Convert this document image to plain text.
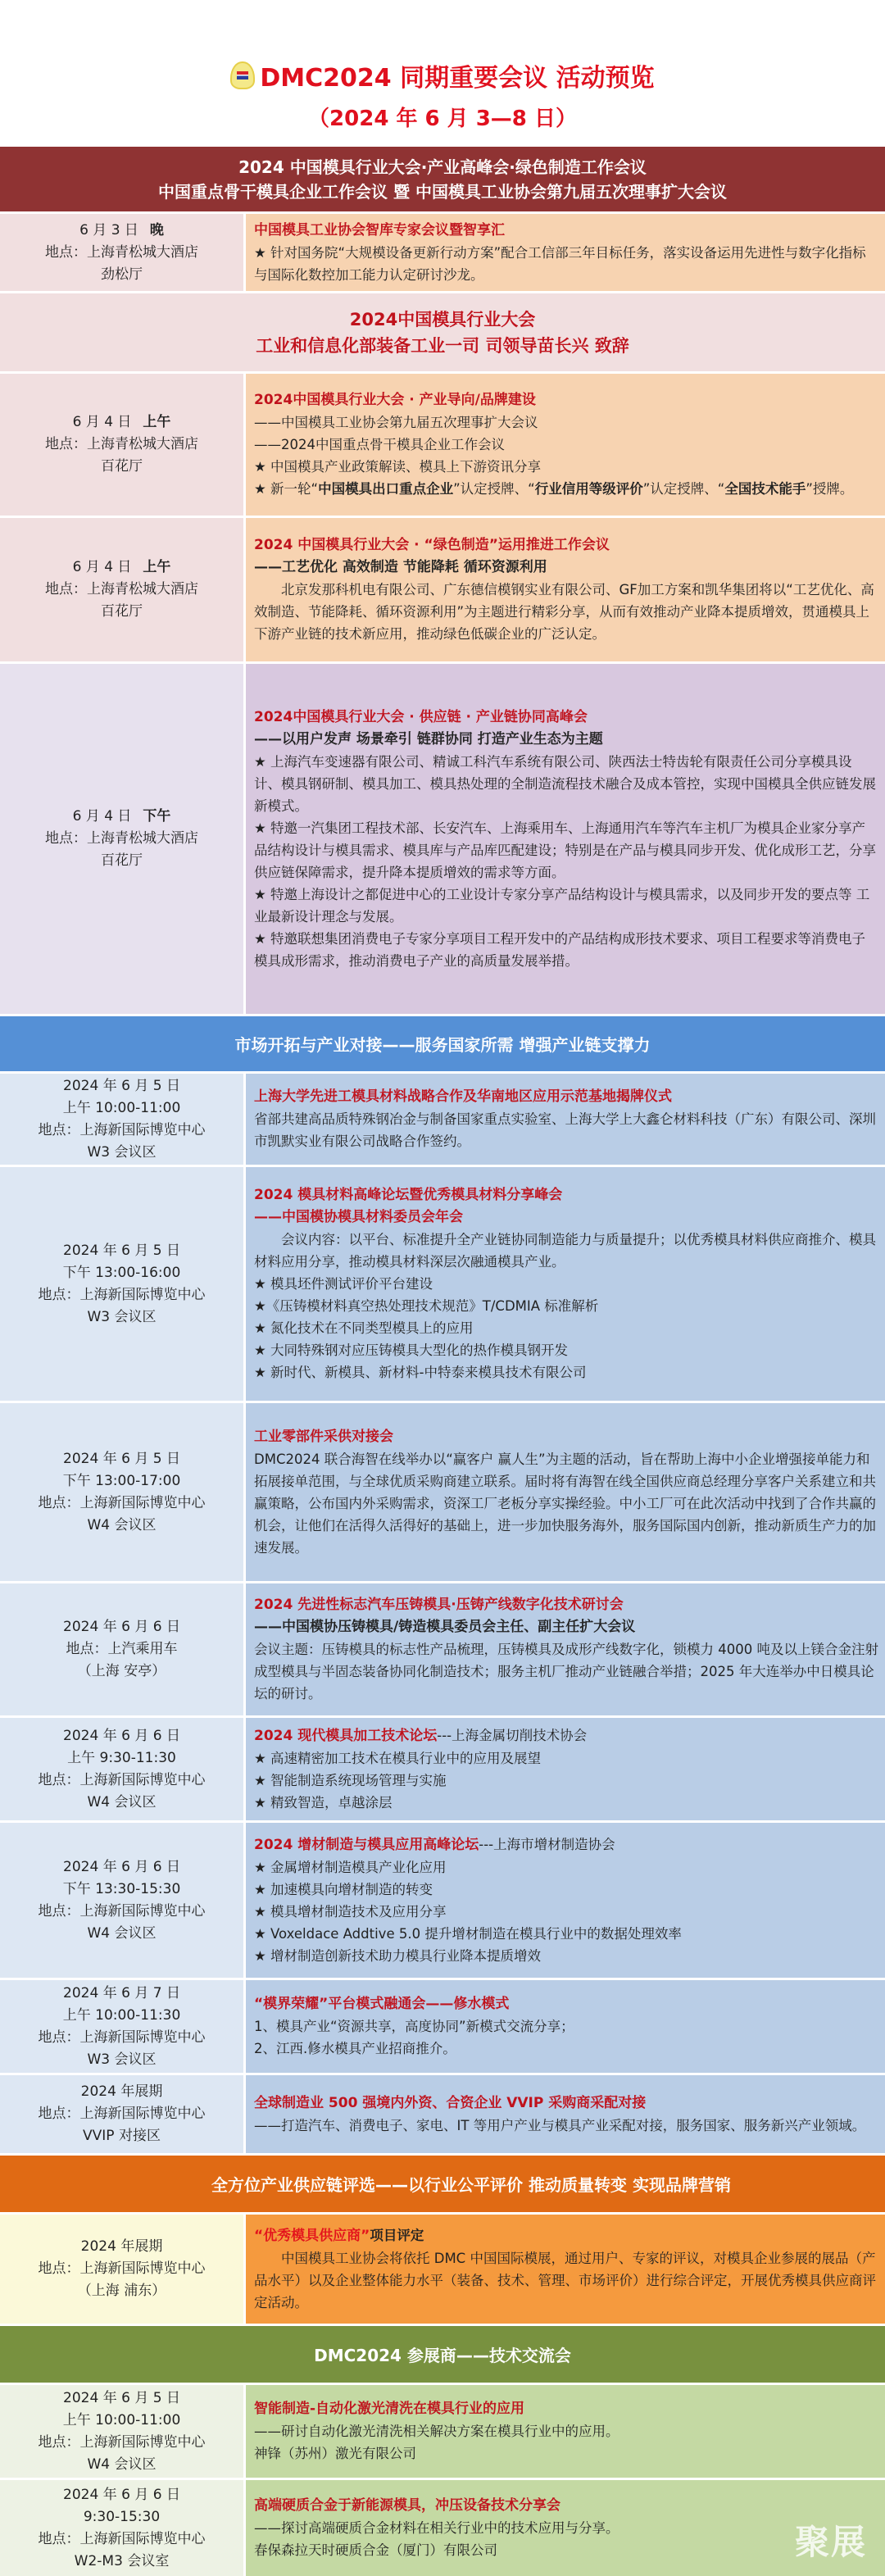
DMC2024 同期重要会议 活动预览
（2024 年 6 月 3—8 日）
2024 中国模具行业大会·产业高峰会·绿色制造工作会议
中国重点骨干模具企业工作会议 暨 中国模具工业协会第九届五次理事扩大会议
6 月 3 日 晚
地点：上海青松城大酒店
劲松厅
中国模具工业协会智库专家会议暨智享汇
★ 针对国务院“大规模设备更新行动方案”配合工信部三年目标任务，落实设备运用先进性与数字化指标与国际化数控加工能力认定研讨沙龙。
2024中国模具行业大会
工业和信息化部装备工业一司 司领导苗长兴 致辞
6 月 4 日 上午
地点：上海青松城大酒店
百花厅
2024中国模具行业大会 · 产业导向/品牌建设
——中国模具工业协会第九届五次理事扩大会议
——2024中国重点骨干模具企业工作会议
★ 中国模具产业政策解读、模具上下游资讯分享
★ 新一轮“中国模具出口重点企业”认定授牌、“行业信用等级评价”认定授牌、“全国技术能手”授牌。
6 月 4 日 上午
地点：上海青松城大酒店
百花厅
2024 中国模具行业大会 · “绿色制造”运用推进工作会议
——工艺优化 高效制造 节能降耗 循环资源利用
北京发那科机电有限公司、广东德信模钢实业有限公司、GF加工方案和凯华集团将以“工艺优化、高效制造、节能降耗、循环资源利用”为主题进行精彩分享，从而有效推动产业降本提质增效，贯通模具上下游产业链的技术新应用，推动绿色低碳企业的广泛认定。
6 月 4 日 下午
地点：上海青松城大酒店
百花厅
2024中国模具行业大会 · 供应链 · 产业链协同高峰会
——以用户发声 场景牵引 链群协同 打造产业生态为主题
★ 上海汽车变速器有限公司、精诚工科汽车系统有限公司、陕西法士特齿轮有限责任公司分享模具设计、模具钢研制、模具加工、模具热处理的全制造流程技术融合及成本管控，实现中国模具全供应链发展新模式。
★ 特邀一汽集团工程技术部、长安汽车、上海乘用车、上海通用汽车等汽车主机厂为模具企业家分享产品结构设计与模具需求、模具库与产品库匹配建设；特别是在产品与模具同步开发、优化成形工艺，分享供应链保障需求，提升降本提质增效的需求等方面。
★ 特邀上海设计之都促进中心的工业设计专家分享产品结构设计与模具需求，以及同步开发的要点等 工业最新设计理念与发展。
★ 特邀联想集团消费电子专家分享项目工程开发中的产品结构成形技术要求、项目工程要求等消费电子模具成形需求，推动消费电子产业的高质量发展举措。
市场开拓与产业对接——服务国家所需 增强产业链支撑力
2024 年 6 月 5 日
上午 10:00-11:00
地点：上海新国际博览中心
W3 会议区
上海大学先进工模具材料战略合作及华南地区应用示范基地揭牌仪式
省部共建高品质特殊钢冶金与制备国家重点实验室、上海大学上大鑫仑材料科技（广东）有限公司、深圳市凯默实业有限公司战略合作签约。
2024 年 6 月 5 日
下午 13:00-16:00
地点：上海新国际博览中心
W3 会议区
2024 模具材料高峰论坛暨优秀模具材料分享峰会
——中国模协模具材料委员会年会
会议内容：以平台、标准提升全产业链协同制造能力与质量提升；以优秀模具材料供应商推介、模具材料应用分享，推动模具材料深层次融通模具产业。
★ 模具坯件测试评价平台建设
★《压铸模材料真空热处理技术规范》T/CDMIA 标准解析
★ 氮化技术在不同类型模具上的应用
★ 大同特殊钢对应压铸模具大型化的热作模具钢开发
★ 新时代、新模具、新材料-中特泰来模具技术有限公司
2024 年 6 月 5 日
下午 13:00-17:00
地点：上海新国际博览中心
W4 会议区
工业零部件采供对接会
DMC2024 联合海智在线举办以“赢客户 赢人生”为主题的活动，旨在帮助上海中小企业增强接单能力和拓展接单范围，与全球优质采购商建立联系。届时将有海智在线全国供应商总经理分享客户关系建立和共赢策略，公布国内外采购需求，资深工厂老板分享实操经验。中小工厂可在此次活动中找到了合作共赢的机会，让他们在活得久活得好的基础上，进一步加快服务海外，服务国际国内创新，推动新质生产力的加速发展。
2024 年 6 月 6 日
地点：上汽乘用车
（上海 安亭）
2024 先进性标志汽车压铸模具·压铸产线数字化技术研讨会
——中国模协压铸模具/铸造模具委员会主任、副主任扩大会议
会议主题：压铸模具的标志性产品梳理，压铸模具及成形产线数字化，锁模力 4000 吨及以上镁合金注射成型模具与半固态装备协同化制造技术；服务主机厂推动产业链融合举措；2025 年大连举办中日模具论坛的研讨。
2024 年 6 月 6 日
上午 9:30-11:30
地点：上海新国际博览中心
W4 会议区
2024 现代模具加工技术论坛---上海金属切削技术协会
★ 高速精密加工技术在模具行业中的应用及展望
★ 智能制造系统现场管理与实施
★ 精致智造，卓越涂层
2024 年 6 月 6 日
下午 13:30-15:30
地点：上海新国际博览中心
W4 会议区
2024 增材制造与模具应用高峰论坛---上海市增材制造协会
★ 金属增材制造模具产业化应用
★ 加速模具向增材制造的转变
★ 模具增材制造技术及应用分享
★ Voxeldace Addtive 5.0 提升增材制造在模具行业中的数据处理效率
★ 增材制造创新技术助力模具行业降本提质增效
2024 年 6 月 7 日
上午 10:00-11:30
地点：上海新国际博览中心
W3 会议区
“模界荣耀”平台模式融通会——修水模式
1、模具产业“资源共享，高度协同”新模式交流分享；
2、江西.修水模具产业招商推介。
2024 年展期
地点：上海新国际博览中心
VVIP 对接区
全球制造业 500 强境内外资、合资企业 VVIP 采购商采配对接
——打造汽车、消费电子、家电、IT 等用户产业与模具产业采配对接，服务国家、服务新兴产业领域。
全方位产业供应链评选——以行业公平评价 推动质量转变 实现品牌营销
2024 年展期
地点：上海新国际博览中心
（上海 浦东）
“优秀模具供应商”项目评定
中国模具工业协会将依托 DMC 中国国际模展，通过用户、专家的评议，对模具企业参展的展品（产品水平）以及企业整体能力水平（装备、技术、管理、市场评价）进行综合评定，开展优秀模具供应商评定活动。
DMC2024 参展商——技术交流会
2024 年 6 月 5 日
上午 10:00-11:00
地点：上海新国际博览中心
W4 会议区
智能制造-自动化激光清洗在模具行业的应用
——研讨自动化激光清洗相关解决方案在模具行业中的应用。
神锋（苏州）激光有限公司
2024 年 6 月 6 日
9:30-15:30
地点：上海新国际博览中心
W2-M3 会议室
高端硬质合金于新能源模具，冲压设备技术分享会
——探讨高端硬质合金材料在相关行业中的技术应用与分享。
春保森拉天时硬质合金（厦门）有限公司	聚展
